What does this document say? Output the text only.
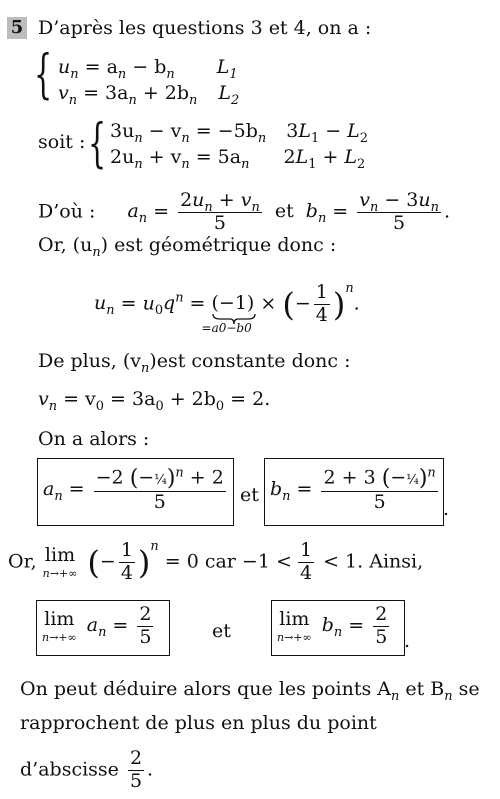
5 D’après les questions 3 et 4, on a :
{ $u_n = a_n - b_n$ $L_1$
$v_n = 3a_n + 2b_n$ $L_2$
soit : { $3u_n - v_n = -5b_n$ $3L_1 - L_2$
$2u_n + v_n = 5a_n$ $2L_1 + L_2$
D’où : $a_n = \frac{2u_n + v_n}{5}$ et $b_n = \frac{v_n - 3u_n}{5}$ .
Or, $(u_n)$ est géométrique donc :
$u_n = u_0q^n = (-1)$
=a0−b0
× (− $\frac{1}{4} )^n$.
De plus, $(v_n)est$ constante donc :
$v_n = v_0 = 3a_0 + 2b_0 = 2$.
On a alors :
$a_n = \frac{-2 (-\frac{1}{4})^n + 2}{5}$ et $b_n = \frac{2 + 3 (-\frac{1}{4})^n}{5}$ .
Or, lim
n→+∞ (− $\frac{1}{4} )^n = 0$ car $-1 < \frac{1}{4} < 1$. Ainsi,
lim
n→+∞
$a_n = \frac{2}{5}$	et
lim
n→+∞
$b_n = \frac{2}{5}$ .
On peut déduire alors que les points $A_n$ et $B_n$ se
rapprochent de plus en plus du point
d’abscisse $\frac{2}{5}$ .
